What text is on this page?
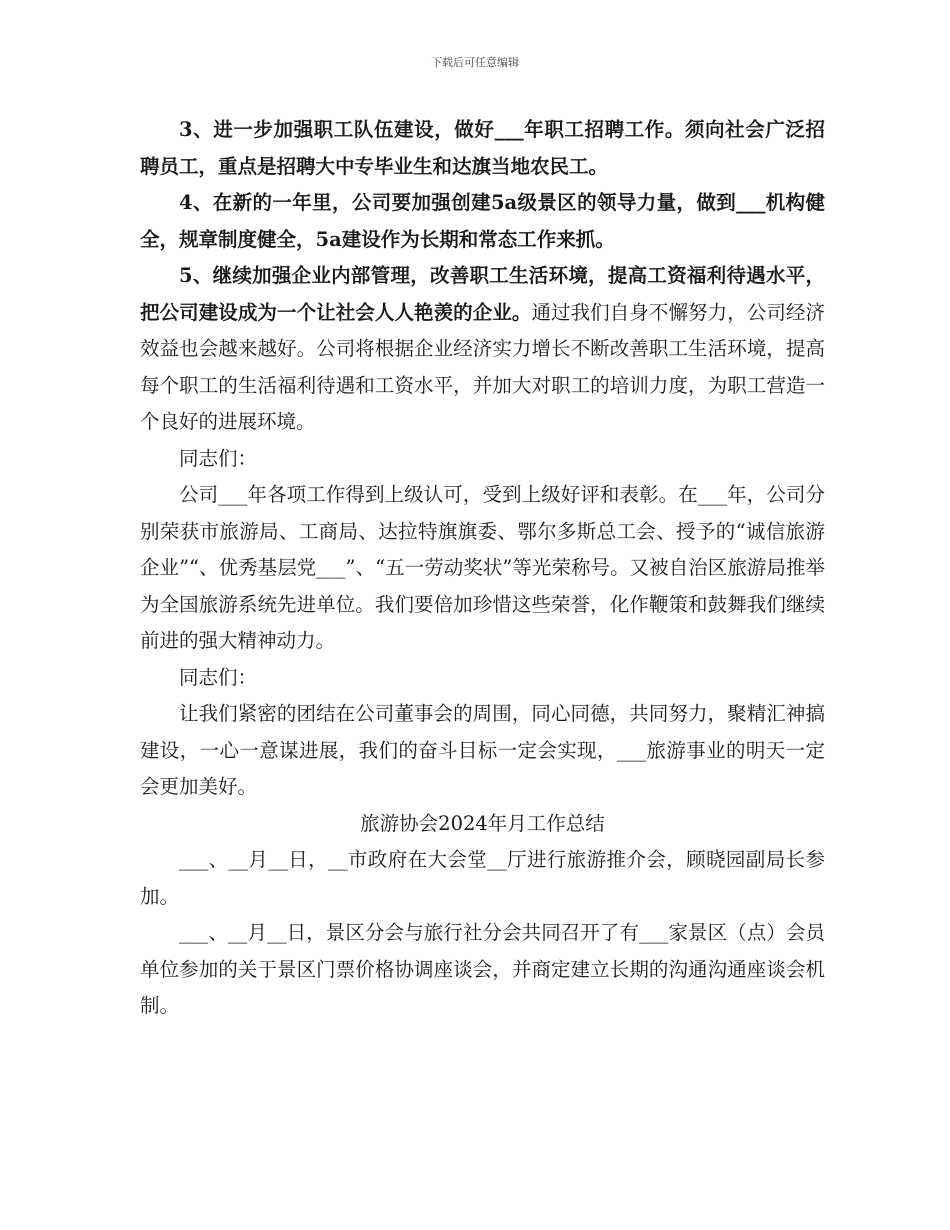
下载后可任意编辑

3、进一步加强职工队伍建设，做好___年职工招聘工作。须向社会广泛招聘员工，重点是招聘大中专毕业生和达旗当地农民工。

4、在新的一年里，公司要加强创建5a级景区的领导力量，做到___机构健全，规章制度健全，5a建设作为长期和常态工作来抓。

5、继续加强企业内部管理，改善职工生活环境，提高工资福利待遇水平，把公司建设成为一个让社会人人艳羡的企业。通过我们自身不懈努力，公司经济效益也会越来越好。公司将根据企业经济实力增长不断改善职工生活环境，提高每个职工的生活福利待遇和工资水平，并加大对职工的培训力度，为职工营造一个良好的进展环境。

同志们：

公司___年各项工作得到上级认可，受到上级好评和表彰。在___年，公司分别荣获市旅游局、工商局、达拉特旗旗委、鄂尔多斯总工会、授予的“诚信旅游企业”“、优秀基层党___”、“五一劳动奖状”等光荣称号。又被自治区旅游局推举为全国旅游系统先进单位。我们要倍加珍惜这些荣誉，化作鞭策和鼓舞我们继续前进的强大精神动力。

同志们：

让我们紧密的团结在公司董事会的周围，同心同德，共同努力，聚精汇神搞建设，一心一意谋进展，我们的奋斗目标一定会实现，___旅游事业的明天一定会更加美好。

旅游协会2024年月工作总结

___、__月__日，__市政府在大会堂__厅进行旅游推介会，顾晓园副局长参加。

___、__月__日，景区分会与旅行社分会共同召开了有___家景区（点）会员单位参加的关于景区门票价格协调座谈会，并商定建立长期的沟通沟通座谈会机制。
